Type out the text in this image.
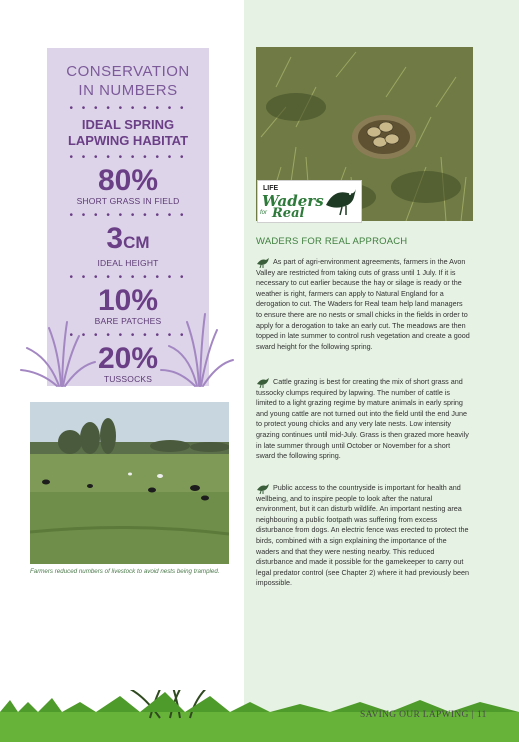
CONSERVATION
IN NUMBERS
• • • • • • • • • •
IDEAL SPRING
LAPWING HABITAT
• • • • • • • • • •
80%
SHORT GRASS IN FIELD
• • • • • • • • • •
3CM
IDEAL HEIGHT
• • • • • • • • • •
10%
BARE PATCHES
• • • • • • • • • •
20%
TUSSOCKS
LIFE
Waders
for Real
Farmers reduced numbers of livestock to avoid nests being trampled.
WADERS FOR REAL APPROACH
As part of agri-environment agreements, farmers in the Avon Valley are restricted from taking cuts of grass until 1 July. If it is necessary to cut earlier because the hay or silage is ready or the weather is right, farmers can apply to Natural England for a derogation to cut. The Waders for Real team help land managers to ensure there are no nests or small chicks in the fields in order to apply for a derogation to take an early cut. The meadows are then topped in late summer to control rush vegetation and create a good sward height for the following spring.
Cattle grazing is best for creating the mix of short grass and tussocky clumps required by lapwing. The number of cattle is limited to a light grazing regime by mature animals in early spring and young cattle are not turned out into the field until the end June to protect young chicks and any very late nests. Low intensity grazing continues until mid-July. Grass is then grazed more heavily in late summer through until October or November for a short sward the following spring.
Public access to the countryside is important for health and wellbeing, and to inspire people to look after the natural environment, but it can disturb wildlife. An important nesting area neighbouring a public footpath was suffering from excess disturbance from dogs. An electric fence was erected to protect the birds, combined with a sign explaining the importance of the waders and that they were nesting nearby. This reduced disturbance and made it possible for the gamekeeper to carry out legal predator control (see Chapter 2) where it had previously been impossible.
SAVING OUR LAPWING | 11
